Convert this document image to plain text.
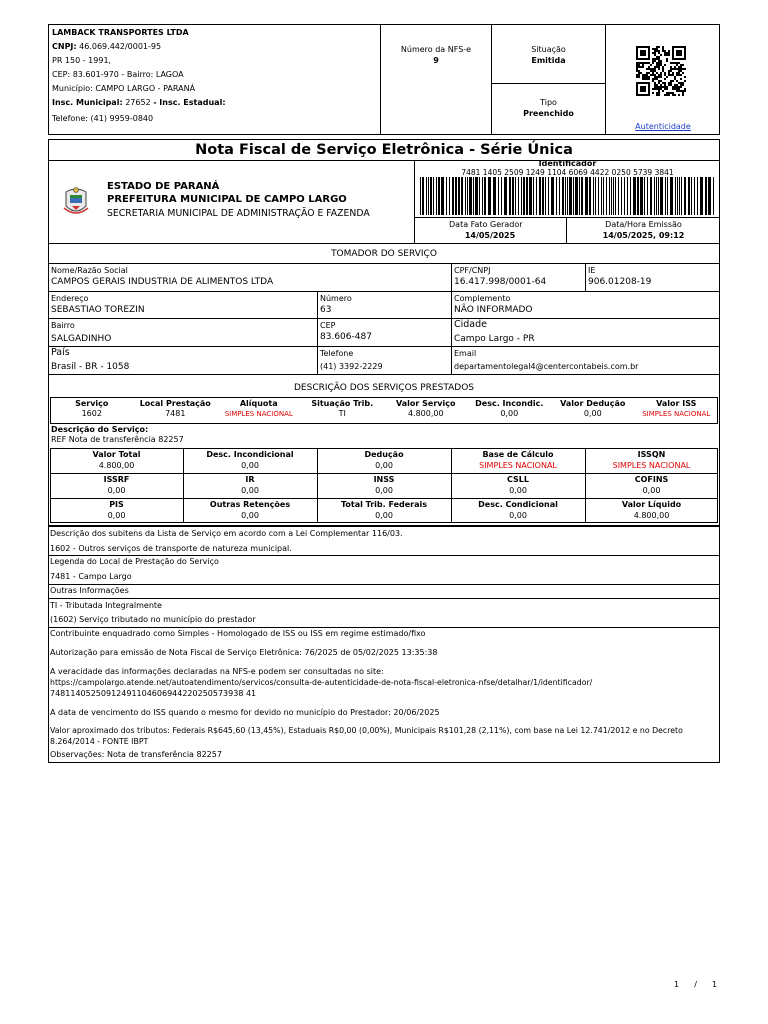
LAMBACK TRANSPORTES LTDA
CNPJ: 46.069.442/0001-95
PR 150 - 1991,
CEP: 83.601-970 - Bairro: LAGOA
Município: CAMPO LARGO - PARANÁ
Insc. Municipal: 27652 - Insc. Estadual:
Telefone: (41) 9959-0840
Número da NFS-e
9
Situação
Emitida
Tipo
Preenchido
Autenticidade
Nota Fiscal de Serviço Eletrônica - Série Única
ESTADO DE PARANÁ
PREFEITURA MUNICIPAL DE CAMPO LARGO
SECRETARIA MUNICIPAL DE ADMINISTRAÇÃO E FAZENDA
Identificador
7481 1405 2509 1249 1104 6069 4422 0250 5739 3841
Data Fato Gerador
14/05/2025
Data/Hora Emissão
14/05/2025, 09:12
TOMADOR DO SERVIÇO
Nome/Razão Social
CAMPOS GERAIS INDUSTRIA DE ALIMENTOS LTDA
CPF/CNPJ
16.417.998/0001-64
IE
906.01208-19
Endereço
SEBASTIAO TOREZIN
Número
63
Complemento
NÃO INFORMADO
Bairro
SALGADINHO
CEP
83.606-487
Cidade
Campo Largo - PR
País
Brasil - BR - 1058
Telefone
(41) 3392-2229
Email
departamentolegal4@centercontabeis.com.br
DESCRIÇÃO DOS SERVIÇOS PRESTADOS
Serviço
1602
Local Prestação
7481
Alíquota
SIMPLES NACIONAL
Situação Trib.
TI
Valor Serviço
4.800,00
Desc. Incondic.
0,00
Valor Dedução
0,00
Valor ISS
SIMPLES NACIONAL
Descrição do Serviço:
REF Nota de transferência 82257
Valor Total
4.800,00
Desc. Incondicional
0,00
Dedução
0,00
Base de Cálculo
SIMPLES NACIONAL
ISSQN
SIMPLES NACIONAL
ISSRF
0,00
IR
0,00
INSS
0,00
CSLL
0,00
COFINS
0,00
PIS
0,00
Outras Retenções
0,00
Total Trib. Federais
0,00
Desc. Condicional
0,00
Valor Líquido
4.800,00
Descrição dos subitens da Lista de Serviço em acordo com a Lei Complementar 116/03.
1602 - Outros serviços de transporte de natureza municipal.
Legenda do Local de Prestação do Serviço
7481 - Campo Largo
Outras Informações
TI - Tributada Integralmente
(1602) Serviço tributado no município do prestador
Contribuinte enquadrado como Simples - Homologado de ISS ou ISS em regime estimado/fixo
Autorização para emissão de Nota Fiscal de Serviço Eletrônica: 76/2025 de 05/02/2025 13:35:38
A veracidade das informações declaradas na NFS-e podem ser consultadas no site:
https://campolargo.atende.net/autoatendimento/servicos/consulta-de-autenticidade-de-nota-fiscal-eletronica-nfse/detalhar/1/identificador/
74811405250912491104606944220250573938 41
A data de vencimento do ISS quando o mesmo for devido no município do Prestador: 20/06/2025
Valor aproximado dos tributos: Federais R$645,60 (13,45%), Estaduais R$0,00 (0,00%), Municipais R$101,28 (2,11%), com base na Lei 12.741/2012 e no Decreto 8.264/2014 - FONTE IBPT
Observações: Nota de transferência 82257
1 / 1
